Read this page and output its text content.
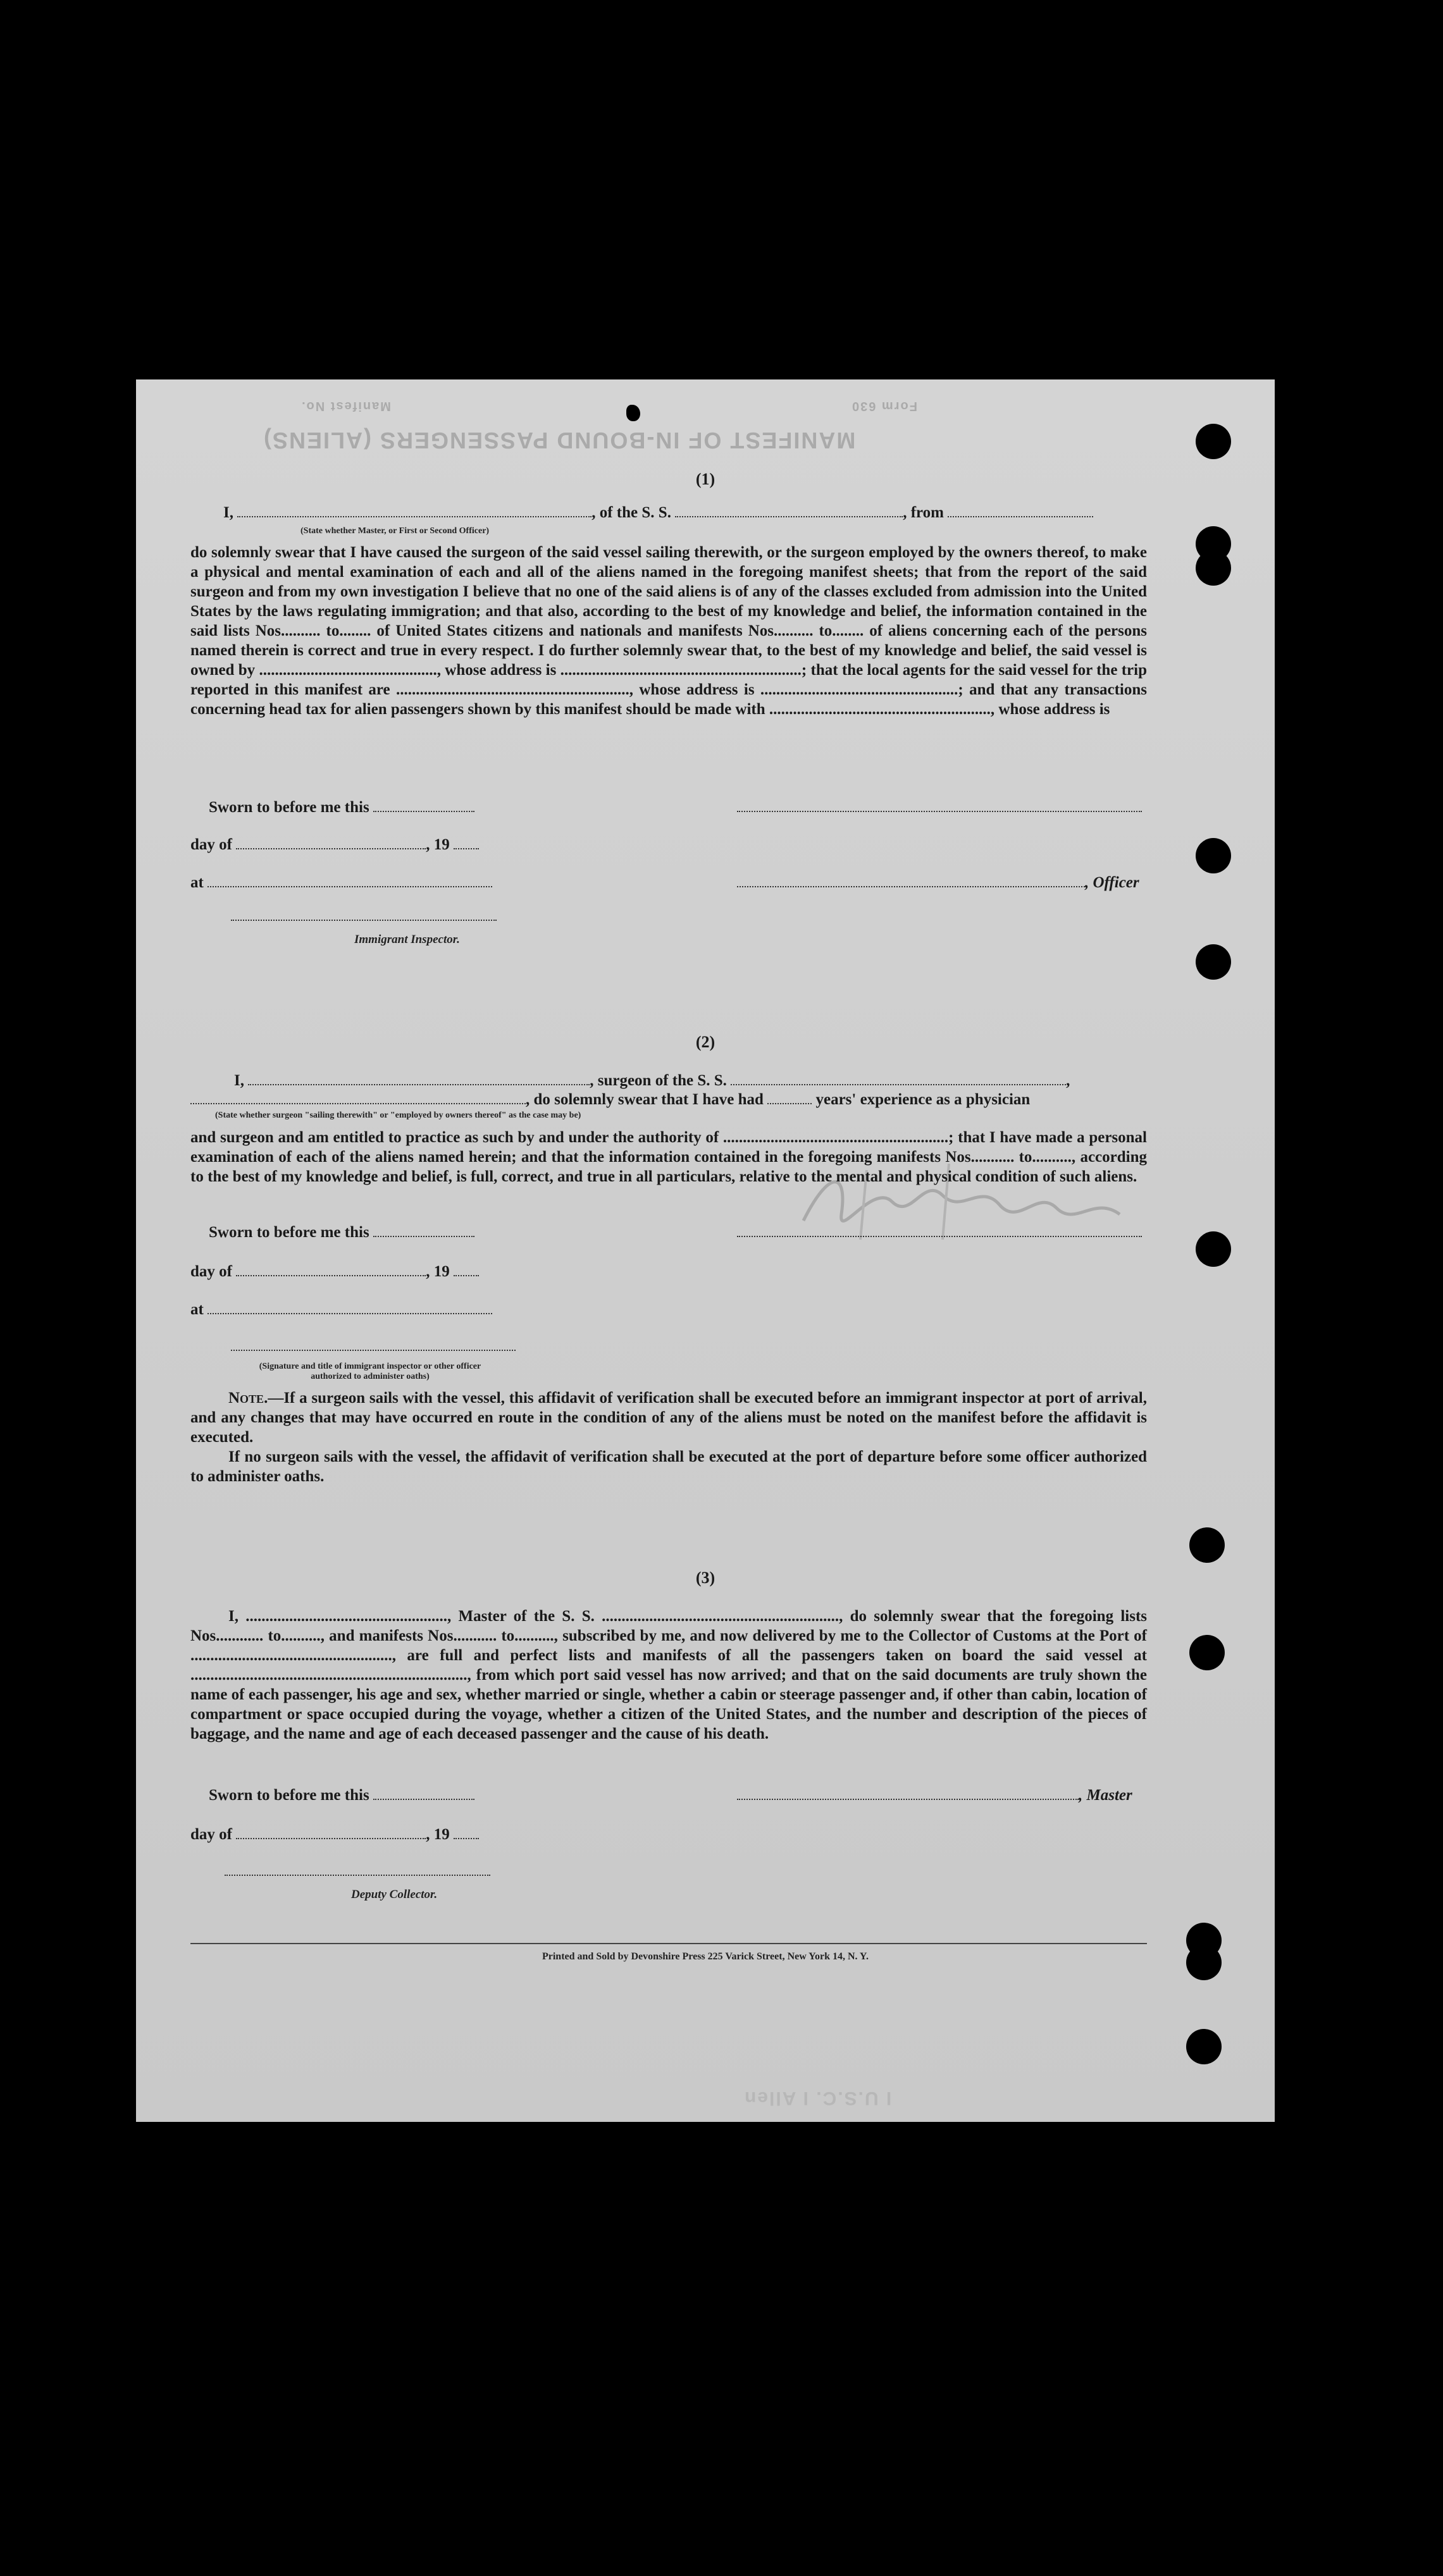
Manifest No.
MANIFEST OF IN-BOUND PASSENGERS (ALIENS)
Form 630
I U.S.C. I Allen
(1)
I,	, of the S. S.	, from
(State whether Master, or First or Second Officer)

do solemnly swear that I have caused the surgeon of the said vessel sailing therewith, or the surgeon employed by the owners thereof, to make a physical and mental examination of each and all of the aliens named in the foregoing manifest sheets; that from the report of the said surgeon and from my own investigation I believe that no one of the said aliens is of any of the classes excluded from admission into the United States by the laws regulating immigration; and that also, according to the best of my knowledge and belief, the information contained in the said lists Nos.......... to........ of United States citizens and nationals and manifests Nos.......... to........ of aliens concerning each of the persons named therein is correct and true in every respect. I do further solemnly swear that, to the best of my knowledge and belief, the said vessel is owned by ............................................., whose address is .............................................................; that the local agents for the said vessel for the trip reported in this manifest are ..........................................................., whose address is ..................................................; and that any transactions concerning head tax for alien passengers shown by this manifest should be made with ........................................................, whose address is

Sworn to before me this
day of	, 19
at	, Officer
Immigrant Inspector.
(2)
I,	, surgeon of the S. S.	,
, do solemnly swear that I have had	years' experience as a physician
(State whether surgeon "sailing therewith" or "employed by owners thereof" as the case may be)

and surgeon and am entitled to practice as such by and under the authority of .........................................................; that I have made a personal examination of each of the aliens named herein; and that the information contained in the foregoing manifests Nos........... to.........., according to the best of my knowledge and belief, is full, correct, and true in all particulars, relative to the mental and physical condition of such aliens.

Sworn to before me this
day of	, 19
at
(Signature and title of immigrant inspector or other officer authorized to administer oaths)

Note.—If a surgeon sails with the vessel, this affidavit of verification shall be executed before an immigrant inspector at port of arrival, and any changes that may have occurred en route in the condition of any of the aliens must be noted on the manifest before the affidavit is executed.

If no surgeon sails with the vessel, the affidavit of verification shall be executed at the port of departure before some officer authorized to administer oaths.

(3)

I, ..................................................., Master of the S. S. ............................................................, do solemnly swear that the foregoing lists Nos............ to.........., and manifests Nos........... to.........., subscribed by me, and now delivered by me to the Collector of Customs at the Port of ..................................................., are full and perfect lists and manifests of all the passengers taken on board the said vessel at ......................................................................, from which port said vessel has now arrived; and that on the said documents are truly shown the name of each passenger, his age and sex, whether married or single, whether a cabin or steerage passenger and, if other than cabin, location of compartment or space occupied during the voyage, whether a citizen of the United States, and the number and description of the pieces of baggage, and the name and age of each deceased passenger and the cause of his death.

Sworn to before me this	, Master
day of	, 19
Deputy Collector.
Printed and Sold by Devonshire Press 225 Varick Street, New York 14, N. Y.
